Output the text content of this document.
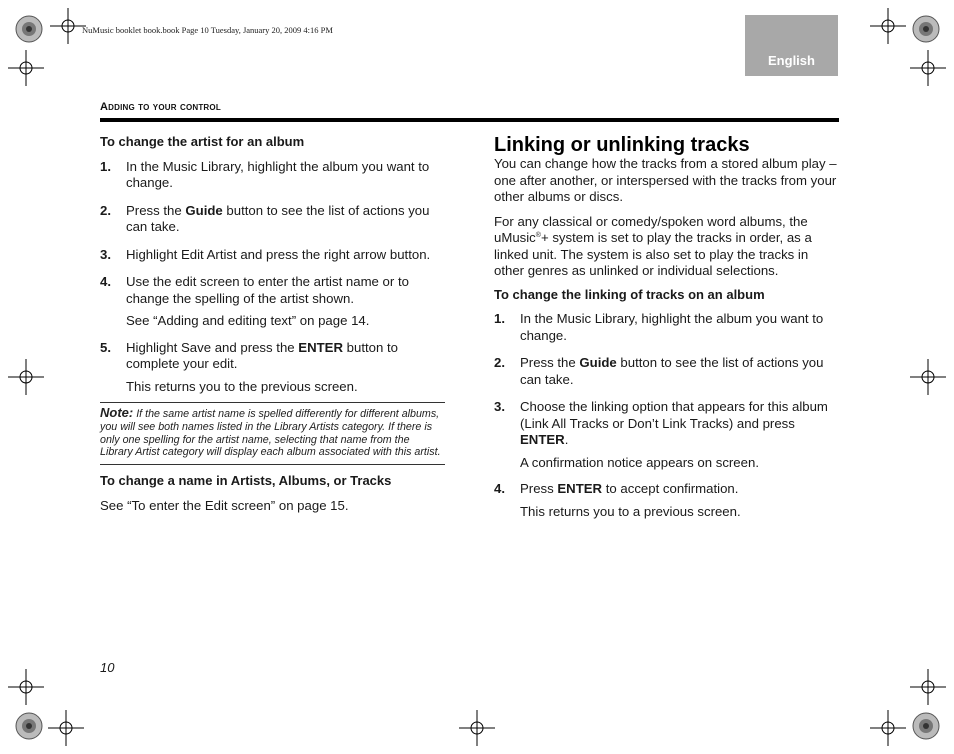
NuMusic booklet book.book Page 10 Tuesday, January 20, 2009 4:16 PM
English
Adding to your control

To change the artist for an album

1.	In the Music Library, highlight the album you want to change.
2.	Press the Guide button to see the list of actions you can take.
3.	Highlight Edit Artist and press the right arrow button.
4.	Use the edit screen to enter the artist name or to change the spelling of the artist shown.

See “Adding and editing text” on page 14.

5.	Highlight Save and press the ENTER button to complete your edit.

This returns you to the previous screen.

Note: If the same artist name is spelled differently for different albums, you will see both names listed in the Library Artists category. If there is only one spelling for the artist name, selecting that name from the Library Artist category will display each album associated with this artist.

To change a name in Artists, Albums, or Tracks

See “To enter the Edit screen” on page 15.

Linking or unlinking tracks

You can change how the tracks from a stored album play – one after another, or interspersed with the tracks from your other albums or discs.

For any classical or comedy/spoken word albums, the uMusic®+ system is set to play the tracks in order, as a linked unit. The system is also set to play the tracks in other genres as unlinked or individual selections.

To change the linking of tracks on an album

1.	In the Music Library, highlight the album you want to change.
2.	Press the Guide button to see the list of actions you can take.
3.	Choose the linking option that appears for this album (Link All Tracks or Don’t Link Tracks) and press ENTER.

A confirmation notice appears on screen.

4.	Press ENTER to accept confirmation.

This returns you to a previous screen.

10
